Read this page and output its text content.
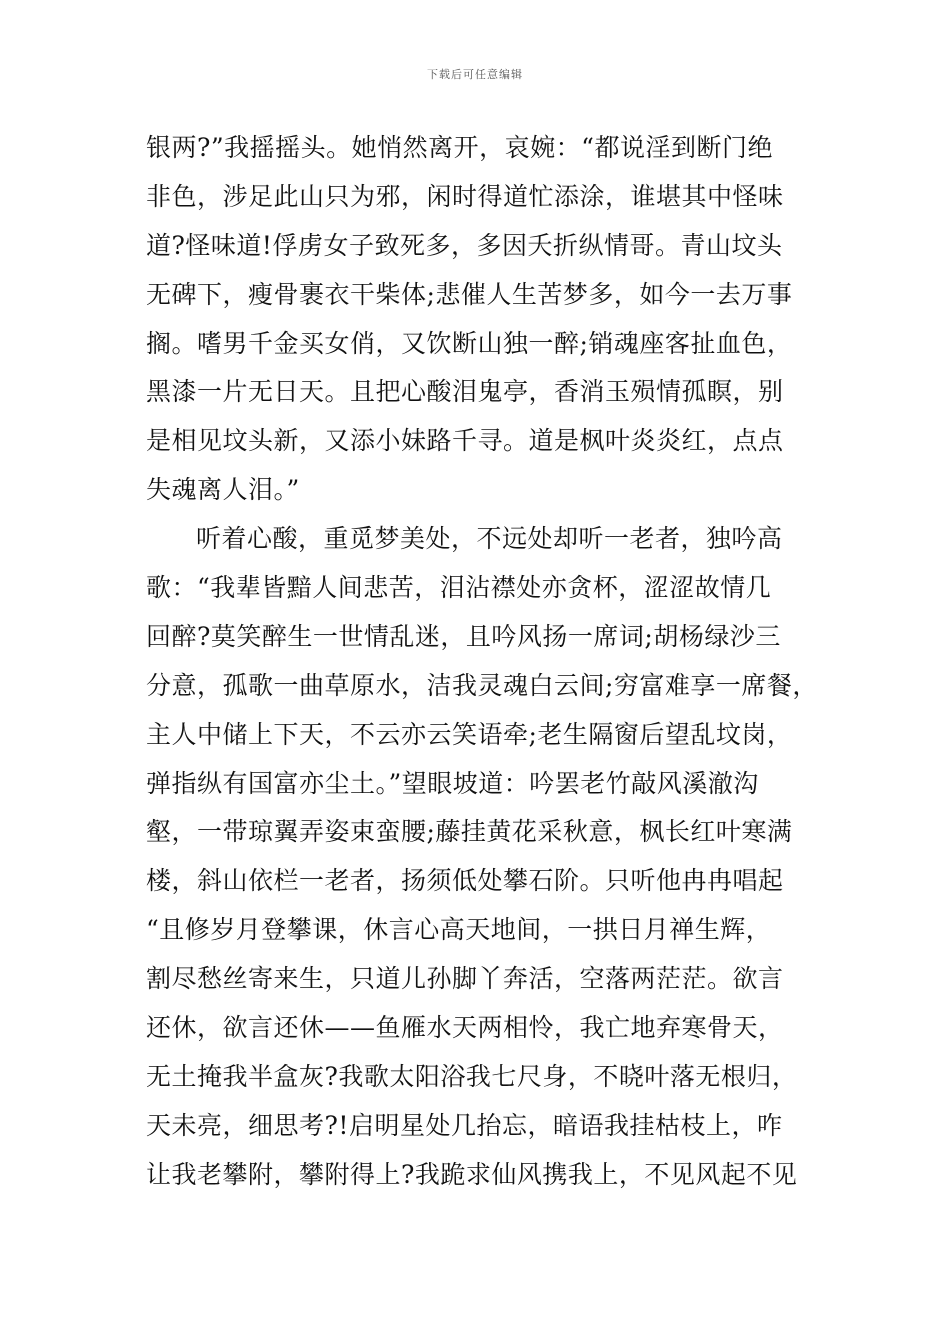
下载后可任意编辑
银两?”我摇摇头。她悄然离开，哀婉：“都说淫到断门绝
非色，涉足此山只为邪，闲时得道忙添涂，谁堪其中怪味
道?怪味道!俘虏女子致死多，多因夭折纵情哥。青山坟头
无碑下，瘦骨裹衣干柴体;悲催人生苦梦多，如今一去万事
搁。嗜男千金买女俏，又饮断山独一醉;销魂座客扯血色，
黑漆一片无日天。且把心酸泪鬼亭，香消玉殒情孤瞑，别
是相见坟头新，又添小妹路千寻。道是枫叶炎炎红，点点
失魂离人泪。”
听着心酸，重觅梦美处，不远处却听一老者，独吟高
歌：“我辈皆黯人间悲苦，泪沾襟处亦贪杯，涩涩故情几
回醉?莫笑醉生一世情乱迷，且吟风扬一席词;胡杨绿沙三
分意，孤歌一曲草原水，洁我灵魂白云间;穷富难享一席餐，
主人中储上下天，不云亦云笑语牵;老生隔窗后望乱坟岗，
弹指纵有国富亦尘土。”望眼坡道：吟罢老竹敲风溪澈沟
壑，一带琼翼弄姿束蛮腰;藤挂黄花采秋意，枫长红叶寒满
楼，斜山依栏一老者，扬须低处攀石阶。只听他冉冉唱起
“且修岁月登攀课，休言心高天地间，一拱日月禅生辉，
割尽愁丝寄来生，只道儿孙脚丫奔活，空落两茫茫。欲言
还休，欲言还休——鱼雁水天两相怜，我亡地弃寒骨天，
无土掩我半盒灰?我歌太阳浴我七尺身，不晓叶落无根归，
天未亮，细思考?!启明星处几抬忘，暗语我挂枯枝上，咋
让我老攀附，攀附得上?我跪求仙风携我上，不见风起不见
